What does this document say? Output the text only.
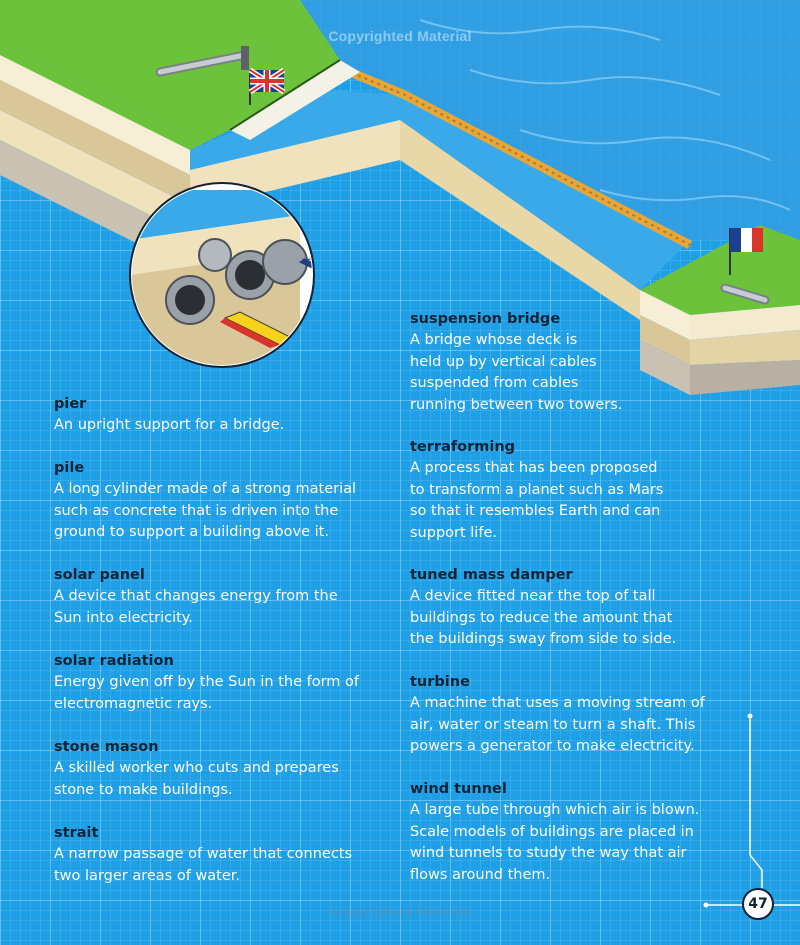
Copyrighted Material
Copyrighted Material
pier
An upright support for a bridge.
pile
A long cylinder made of a strong material
such as concrete that is driven into the
ground to support a building above it.
solar panel
A device that changes energy from the
Sun into electricity.
solar radiation
Energy given off by the Sun in the form of
electromagnetic rays.
stone mason
A skilled worker who cuts and prepares
stone to make buildings.
strait
A narrow passage of water that connects
two larger areas of water.
suspension bridge
A bridge whose deck is
held up by vertical cables
suspended from cables
running between two towers.
terraforming
A process that has been proposed
to transform a planet such as Mars
so that it resembles Earth and can
support life.
tuned mass damper
A device fitted near the top of tall
buildings to reduce the amount that
the buildings sway from side to side.
turbine
A machine that uses a moving stream of
air, water or steam to turn a shaft. This
powers a generator to make electricity.
wind tunnel
A large tube through which air is blown.
Scale models of buildings are placed in
wind tunnels to study the way that air
flows around them.
47
